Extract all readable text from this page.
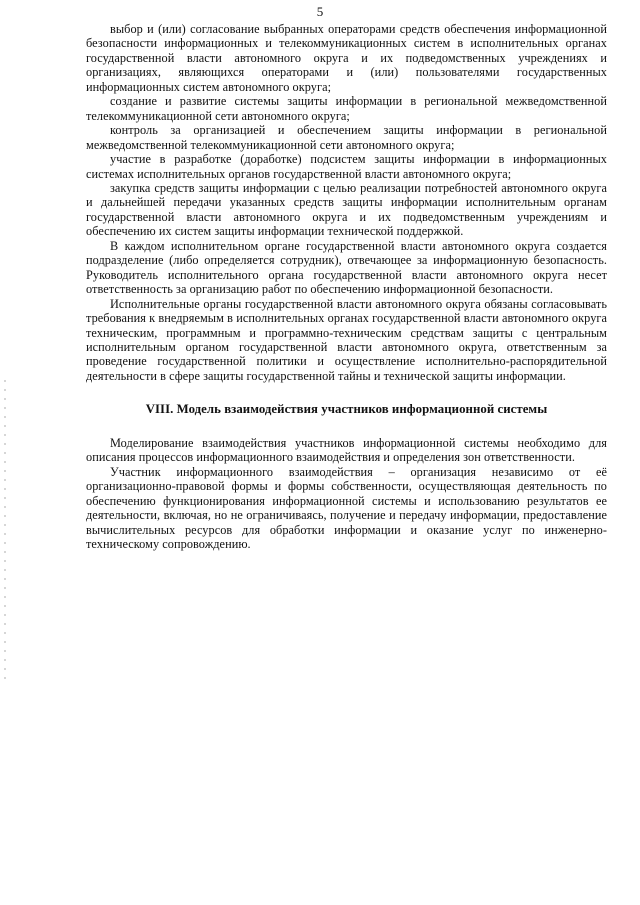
5

выбор и (или) согласование выбранных операторами средств обеспечения информационной безопасности информационных и телекоммуникационных систем в исполнительных органах государственной власти автономного округа и их подведомственных учреждениях и организациях, являющихся операторами и (или) пользователями государственных информационных систем автономного округа;

создание и развитие системы защиты информации в региональной межведомственной телекоммуникационной сети автономного округа;

контроль за организацией и обеспечением защиты информации в региональной межведомственной телекоммуникационной сети автономного округа;

участие в разработке (доработке) подсистем защиты информации в информационных системах исполнительных органов государственной власти автономного округа;

закупка средств защиты информации с целью реализации потребностей автономного округа и дальнейшей передачи указанных средств защиты информации исполнительным органам государственной власти автономного округа и их подведомственным учреждениям и обеспечению их систем защиты информации технической поддержкой.

В каждом исполнительном органе государственной власти автономного округа создается подразделение (либо определяется сотрудник), отвечающее за информационную безопасность. Руководитель исполнительного органа государственной власти автономного округа несет ответственность за организацию работ по обеспечению информационной безопасности.

Исполнительные органы государственной власти автономного округа обязаны согласовывать требования к внедряемым в исполнительных органах государственной власти автономного округа техническим, программным и программно-техническим средствам защиты с центральным исполнительным органом государственной власти автономного округа, ответственным за проведение государственной политики и осуществление исполнительно-распорядительной деятельности в сфере защиты государственной тайны и технической защиты информации.

VIII. Модель взаимодействия участников информационной системы

Моделирование взаимодействия участников информационной системы необходимо для описания процессов информационного взаимодействия и определения зон ответственности.

Участник информационного взаимодействия – организация независимо от её организационно-правовой формы и формы собственности, осуществляющая деятельность по обеспечению функционирования информационной системы и использованию результатов ее деятельности, включая, но не ограничиваясь, получение и передачу информации, предоставление вычислительных ресурсов для обработки информации и оказание услуг по инженерно-техническому сопровождению.
